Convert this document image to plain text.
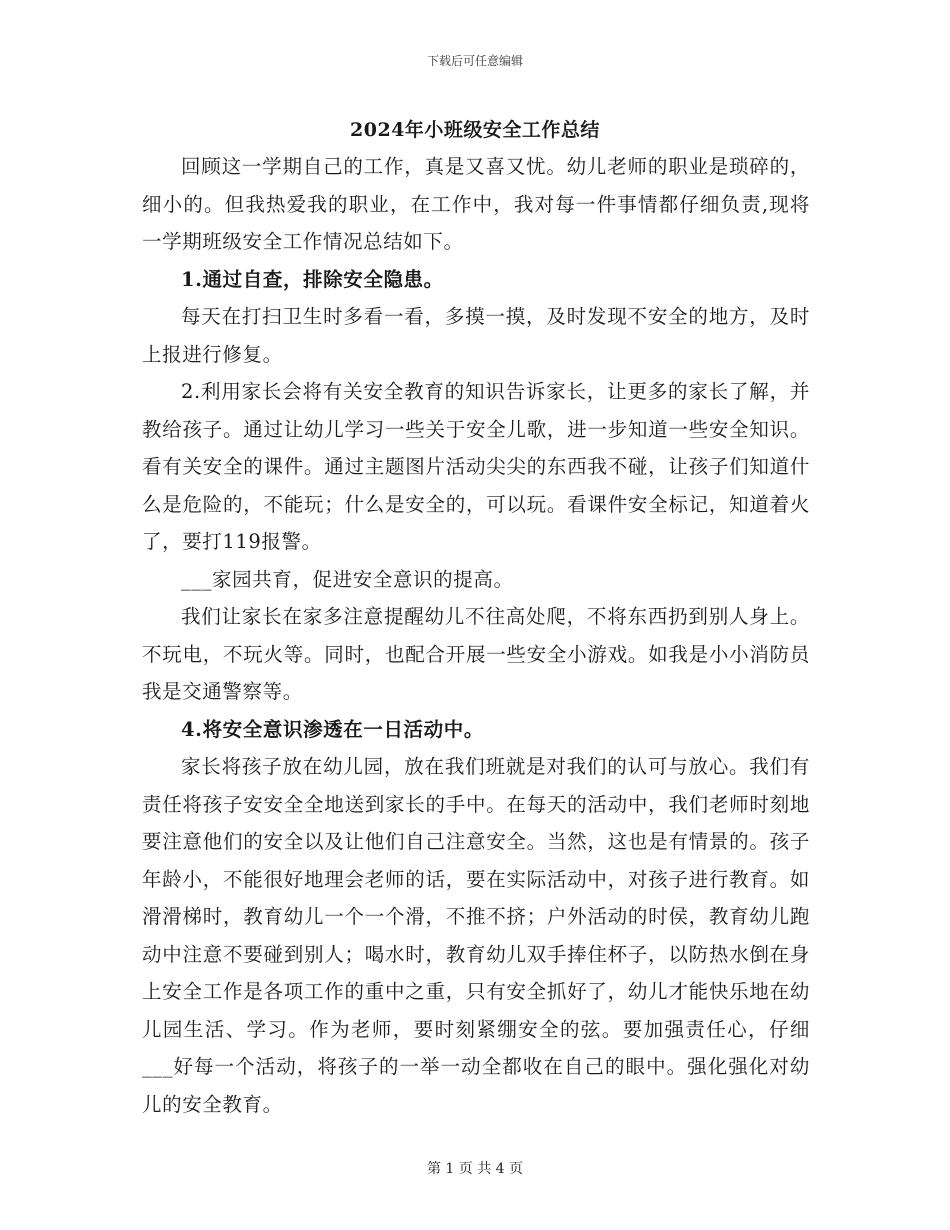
下载后可任意编辑
2024年小班级安全工作总结

回顾这一学期自己的工作，真是又喜又忧。幼儿老师的职业是琐碎的，细小的。但我热爱我的职业，在工作中，我对每一件事情都仔细负责,现将一学期班级安全工作情况总结如下。

1.通过自查，排除安全隐患。

每天在打扫卫生时多看一看，多摸一摸，及时发现不安全的地方，及时上报进行修复。

2.利用家长会将有关安全教育的知识告诉家长，让更多的家长了解，并教给孩子。通过让幼儿学习一些关于安全儿歌，进一步知道一些安全知识。看有关安全的课件。通过主题图片活动尖尖的东西我不碰，让孩子们知道什么是危险的，不能玩；什么是安全的，可以玩。看课件安全标记，知道着火了，要打119报警。

___家园共育，促进安全意识的提高。

我们让家长在家多注意提醒幼儿不往高处爬，不将东西扔到别人身上。不玩电，不玩火等。同时，也配合开展一些安全小游戏。如我是小小消防员我是交通警察等。

4.将安全意识渗透在一日活动中。

家长将孩子放在幼儿园，放在我们班就是对我们的认可与放心。我们有责任将孩子安安全全地送到家长的手中。在每天的活动中，我们老师时刻地要注意他们的安全以及让他们自己注意安全。当然，这也是有情景的。孩子年龄小，不能很好地理会老师的话，要在实际活动中，对孩子进行教育。如滑滑梯时，教育幼儿一个一个滑，不推不挤；户外活动的时侯，教育幼儿跑动中注意不要碰到别人；喝水时，教育幼儿双手捧住杯子，以防热水倒在身上安全工作是各项工作的重中之重，只有安全抓好了，幼儿才能快乐地在幼儿园生活、学习。作为老师，要时刻紧绷安全的弦。要加强责任心，仔细___好每一个活动，将孩子的一举一动全都收在自己的眼中。强化强化对幼儿的安全教育。

第 1 页 共 4 页
